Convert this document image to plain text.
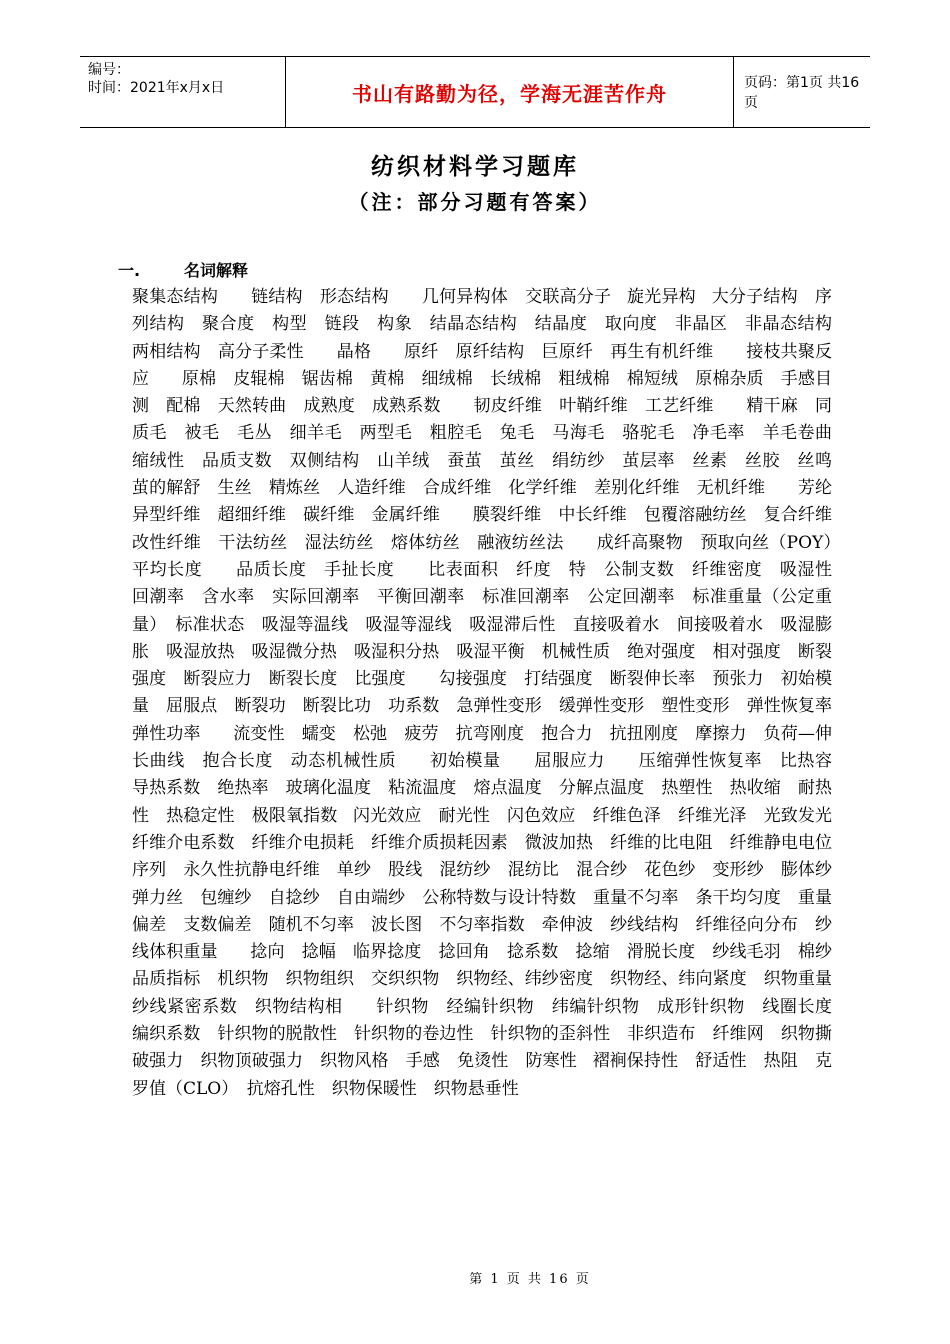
编号：
时间：2021年x月x日	书山有路勤为径，学海无涯苦作舟	页码：第1页 共16页
纺织材料学习题库
（注：部分习题有答案）
一.	名词解释

聚集态结构　 链结构　形态结构　 几何异构体　交联高分子 旋光异构 大分子结构　序列结构　聚合度　构型　链段　构象　结晶态结构　结晶度　取向度　非晶区　非晶态结构　两相结构　高分子柔性　 晶格　 原纤　原纤结构　巨原纤　再生有机纤维　 接枝共聚反应　 原棉　皮辊棉　锯齿棉　黄棉　细绒棉　长绒棉　粗绒棉　棉短绒　原棉杂质　手感目测　配棉　天然转曲　成熟度　成熟系数　 韧皮纤维　叶鞘纤维　工艺纤维　 精干麻　同质毛　被毛　毛丛　细羊毛　两型毛　粗腔毛　兔毛　马海毛　骆驼毛　净毛率　羊毛卷曲　缩绒性　品质支数　双侧结构　山羊绒　蚕茧　茧丝　绢纺纱　茧层率　丝素　丝胶　丝鸣　茧的解舒　生丝　精炼丝　人造纤维　合成纤维　化学纤维　差别化纤维　无机纤维　 芳纶　异型纤维　超细纤维　碳纤维　金属纤维　 膜裂纤维　中长纤维　包覆溶融纺丝　复合纤维　改性纤维　干法纺丝　湿法纺丝　熔体纺丝　融液纺丝法　 成纤高聚物　预取向丝（POY）　平均长度　 品质长度　手扯长度　 比表面积　纤度　特　公制支数　纤维密度　吸湿性　回潮率　含水率　实际回潮率　平衡回潮率　标准回潮率　公定回潮率　标准重量（公定重量）　标准状态　吸湿等温线　吸湿等湿线　吸湿滞后性　直接吸着水　间接吸着水　吸湿膨胀　吸湿放热　吸湿微分热　吸湿积分热　吸湿平衡　机械性质　绝对强度　相对强度　断裂强度　断裂应力　断裂长度　比强度　 勾接强度　打结强度　断裂伸长率　预张力　初始模量　屈服点　断裂功　断裂比功　功系数　急弹性变形　缓弹性变形　塑性变形　弹性恢复率　弹性功率　 流变性　蠕变　松弛　疲劳　抗弯刚度　抱合力　抗扭刚度　摩擦力　负荷—伸长曲线　抱合长度　动态机械性质　 初始模量　 屈服应力　 压缩弹性恢复率　比热容　导热系数　绝热率　玻璃化温度　粘流温度　熔点温度　分解点温度　热塑性　热收缩　耐热性　热稳定性　极限氧指数 闪光效应　耐光性　闪色效应　纤维色泽　纤维光泽　光致发光　纤维介电系数　纤维介电损耗　纤维介质损耗因素　微波加热　纤维的比电阻　纤维静电电位序列　永久性抗静电纤维　单纱　股线　混纺纱　混纺比　混合纱　花色纱　变形纱　膨体纱　弹力丝　包缠纱　自捻纱　自由端纱　公称特数与设计特数　重量不匀率　条干均匀度　重量偏差　支数偏差　随机不匀率　波长图　不匀率指数　牵伸波　纱线结构　纤维径向分布　纱线体积重量　 捻向　捻幅　临界捻度　捻回角　捻系数　捻缩　滑脱长度　纱线毛羽　棉纱品质指标　机织物　织物组织　交织织物　织物经、纬纱密度　织物经、纬向紧度　织物重量　纱线紧密系数　织物结构相　 针织物　经编针织物　纬编针织物　成形针织物　线圈长度　编织系数　针织物的脱散性　针织物的卷边性　针织物的歪斜性　非织造布　纤维网　织物撕破强力　织物顶破强力　织物风格　手感　免烫性　防寒性 褶裥保持性　舒适性　热阻　克罗值（CLO）　抗熔孔性　织物保暖性　织物悬垂性

第 1 页 共 16 页
